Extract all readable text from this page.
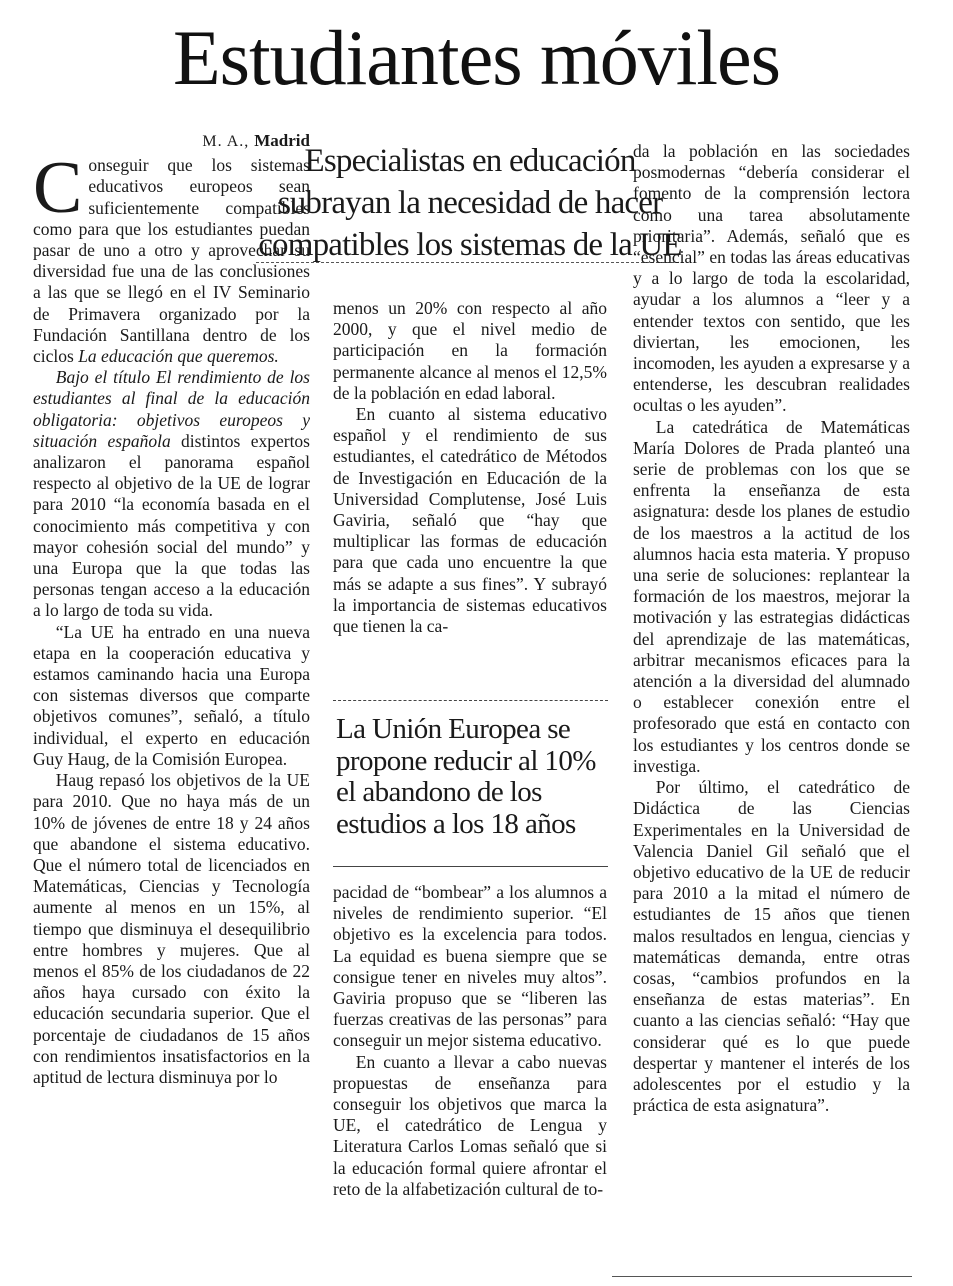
Estudiantes móviles
M. A., Madrid

Conseguir que los sistemas educativos europeos sean suficientemente compatibles como para que los estudiantes puedan pasar de uno a otro y aprovechar su diversidad fue una de las conclusiones a las que se llegó en el IV Seminario de Primavera organizado por la Fundación Santillana dentro de los ciclos La educación que queremos.

Bajo el título El rendimiento de los estudiantes al final de la educación obligatoria: objetivos europeos y situación española distintos expertos analizaron el panorama español respecto al objetivo de la UE de lograr para 2010 “la economía basada en el conocimiento más competitiva y con mayor cohesión social del mundo” y una Europa que la que todas las personas tengan acceso a la educación a lo largo de toda su vida.

“La UE ha entrado en una nueva etapa en la cooperación educativa y estamos caminando hacia una Europa con sistemas diversos que comparte objetivos comunes”, señaló, a título individual, el experto en educación Guy Haug, de la Comisión Europea.

Haug repasó los objetivos de la UE para 2010. Que no haya más de un 10% de jóvenes de entre 18 y 24 años que abandone el sistema educativo. Que el número total de licenciados en Matemáticas, Ciencias y Tecnología aumente al menos en un 15%, al tiempo que disminuya el desequilibrio entre hombres y mujeres. Que al menos el 85% de los ciudadanos de 22 años haya cursado con éxito la educación secundaria superior. Que el porcentaje de ciudadanos de 15 años con rendimientos insatisfactorios en la aptitud de lectura disminuya por lo

Especialistas en educación subrayan la necesidad de hacer compatibles los sistemas de la UE

menos un 20% con respecto al año 2000, y que el nivel medio de participación en la formación permanente alcance al menos el 12,5% de la población en edad laboral.

En cuanto al sistema educativo español y el rendimiento de sus estudiantes, el catedrático de Métodos de Investigación en Educación de la Universidad Complutense, José Luis Gaviria, señaló que “hay que multiplicar las formas de educación para que cada uno encuentre la que más se adapte a sus fines”. Y subrayó la importancia de sistemas educativos que tienen la ca-

La Unión Europea se propone reducir al 10% el abandono de los estudios a los 18 años

pacidad de “bombear” a los alumnos a niveles de rendimiento superior. “El objetivo es la excelencia para todos. La equidad es buena siempre que se consigue tener en niveles muy altos”. Gaviria propuso que se “liberen las fuerzas creativas de las personas” para conseguir un mejor sistema educativo.

En cuanto a llevar a cabo nuevas propuestas de enseñanza para conseguir los objetivos que marca la UE, el catedrático de Lengua y Literatura Carlos Lomas señaló que si la educación formal quiere afrontar el reto de la alfabetización cultural de to-

da la población en las sociedades posmodernas “debería considerar el fomento de la comprensión lectora como una tarea absolutamente prioritaria”. Además, señaló que es “esencial” en todas las áreas educativas y a lo largo de toda la escolaridad, ayudar a los alumnos a “leer y a entender textos con sentido, que les diviertan, les emocionen, les incomoden, les ayuden a expresarse y a entenderse, les descubran realidades ocultas o les ayuden”.

La catedrática de Matemáticas María Dolores de Prada planteó una serie de problemas con los que se enfrenta la enseñanza de esta asignatura: desde los planes de estudio de los maestros a la actitud de los alumnos hacia esta materia. Y propuso una serie de soluciones: replantear la formación de los maestros, mejorar la motivación y las estrategias didácticas del aprendizaje de las matemáticas, arbitrar mecanismos eficaces para la atención a la diversidad del alumnado o establecer conexión entre el profesorado que está en contacto con los estudiantes y los centros donde se investiga.

Por último, el catedrático de Didáctica de las Ciencias Experimentales en la Universidad de Valencia Daniel Gil señaló que el objetivo educativo de la UE de reducir para 2010 a la mitad el número de estudiantes de 15 años que tienen malos resultados en lengua, ciencias y matemáticas demanda, entre otras cosas, “cambios profundos en la enseñanza de estas materias”. En cuanto a las ciencias señaló: “Hay que considerar qué es lo que puede despertar y mantener el interés de los adolescentes por el estudio y la práctica de esta asignatura”.
